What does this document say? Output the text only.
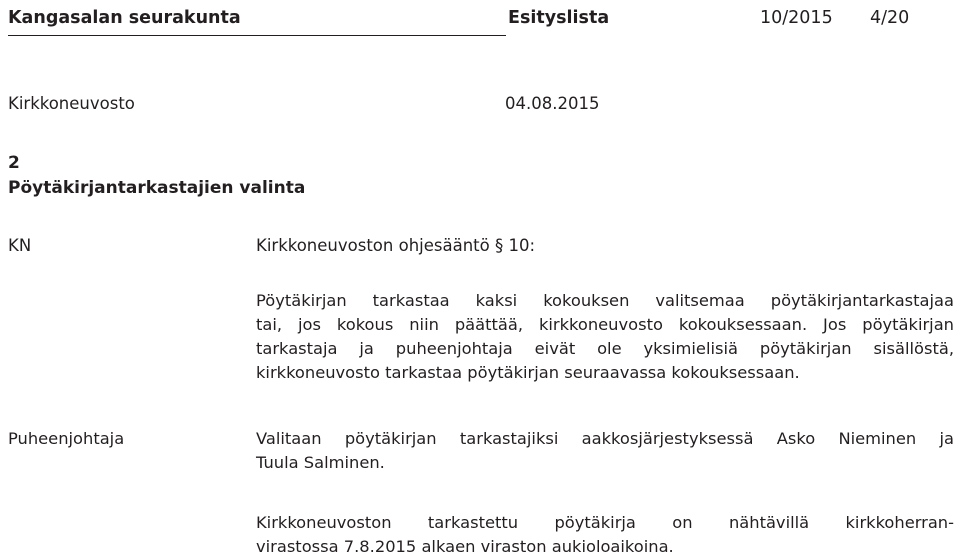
Kangasalan seurakunta	Esityslista	10/2015 4/20
Kirkkoneuvosto	04.08.2015
2
Pöytäkirjantarkastajien valinta
KN	Kirkkoneuvoston ohjesääntö § 10:
Pöytäkirjan tarkastaa kaksi kokouksen valitsemaa pöytäkirjantarkastajaa
tai, jos kokous niin päättää, kirkkoneuvosto kokouksessaan. Jos pöytäkirjan
tarkastaja ja puheenjohtaja eivät ole yksimielisiä pöytäkirjan sisällöstä,
kirkkoneuvosto tarkastaa pöytäkirjan seuraavassa kokouksessaan.
Puheenjohtaja	Valitaan pöytäkirjan tarkastajiksi aakkosjärjestyksessä Asko Nieminen ja
Tuula Salminen.
Kirkkoneuvoston tarkastettu pöytäkirja on nähtävillä kirkkoherran-
virastossa 7.8.2015 alkaen viraston aukioloaikoina.
